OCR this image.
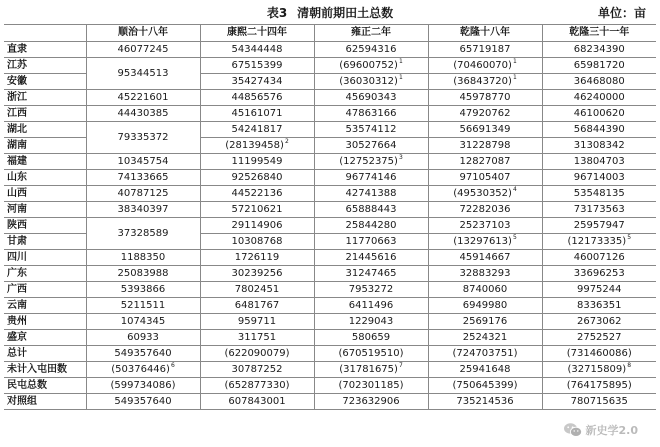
表3 清朝前期田土总数	单位：亩
	顺治十八年	康熙二十四年	雍正二年	乾隆十八年	乾隆三十一年
直隶	46077245	54344448	62594316	65719187	68234390
江苏	95344513	67515399	$(69600752)^1$	$(70460070)^1$	65981720
安徽		35427434	$(36030312)^1$	$(36843720)^1$	36468080
浙江	45221601	44856576	45690343	45978770	46240000
江西	44430385	45161071	47863166	47920762	46100620
湖北	79335372	54241817	53574112	56691349	56844390
湖南		$(28139458)^2$	30527664	31228798	31308342
福建	10345754	11199549	$(12752375)^3$	12827087	13804703
山东	74133665	92526840	96774146	97105407	96714003
山西	40787125	44522136	42741388	$(49530352)^4$	53548135
河南	38340397	57210621	65888443	72282036	73173563
陕西	37328589	29114906	25844280	25237103	25957947
甘肃		10308768	11770663	$(13297613)^5$	$(12173335)^5$
四川	1188350	1726119	21445616	45914667	46007126
广东	25083988	30239256	31247465	32883293	33696253
广西	5393866	7802451	7953272	8740060	9975244
云南	5211511	6481767	6411496	6949980	8336351
贵州	1074345	959711	1229043	2569176	2673062
盛京	60933	311751	580659	2524321	2752527
总计	549357640	(622090079)	(670519510)	(724703751)	(731460086)
未计入屯田数	$(50376446)^6$	30787252	$(31781675)^7$	25941648	$(32715809)^8$
民屯总数	(599734086)	(652877330)	(702301185)	(750645399)	(764175895)
对照组	549357640	607843001	723632906	735214536	780715635
新史学2.0
